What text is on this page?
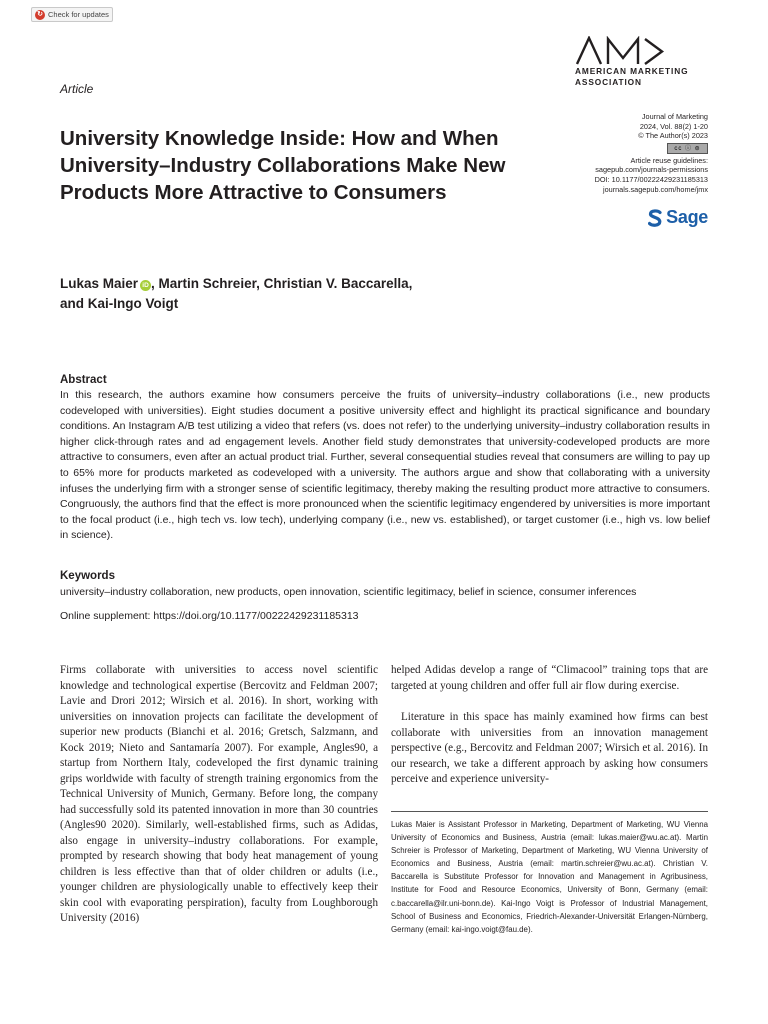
↻ Check for updates
AMERICAN MARKETING
ASSOCIATION
Article
Journal of Marketing
2024, Vol. 88(2) 1-20
© The Author(s) 2023
cc ⓘ ⊜
Article reuse guidelines:
sagepub.com/journals-permissions
DOI: 10.1177/00222429231185313
journals.sagepub.com/home/jmx
Sage
University Knowledge Inside: How and When University–Industry Collaborations Make New Products More Attractive to Consumers
Lukas Maier iD , Martin Schreier, Christian V. Baccarella,
and Kai-Ingo Voigt
Abstract

In this research, the authors examine how consumers perceive the fruits of university–industry collaborations (i.e., new products codeveloped with universities). Eight studies document a positive university effect and highlight its practical significance and boundary conditions. An Instagram A/B test utilizing a video that refers (vs. does not refer) to the underlying university–industry collaboration results in higher click-through rates and ad engagement levels. Another field study demonstrates that university-codeveloped products are more attractive to consumers, even after an actual product trial. Further, several consequential studies reveal that consumers are willing to pay up to 65% more for products marketed as codeveloped with a university. The authors argue and show that collaborating with a university infuses the underlying firm with a stronger sense of scientific legitimacy, thereby making the resulting product more attractive to consumers. Congruously, the authors find that the effect is more pronounced when the scientific legitimacy engendered by universities is more important to the focal product (i.e., high tech vs. low tech), underlying company (i.e., new vs. established), or target customer (i.e., high vs. low belief in science).

Keywords
university–industry collaboration, new products, open innovation, scientific legitimacy, belief in science, consumer inferences
Online supplement: https://doi.org/10.1177/00222429231185313

Firms collaborate with universities to access novel scientific knowledge and technological expertise (Bercovitz and Feldman 2007; Lavie and Drori 2012; Wirsich et al. 2016). In short, working with universities on innovation projects can facilitate the development of superior new products (Bianchi et al. 2016; Gretsch, Salzmann, and Kock 2019; Nieto and Santamaría 2007). For example, Angles90, a startup from Northern Italy, codeveloped the first dynamic training grips worldwide with faculty of strength training ergonomics from the Technical University of Munich, Germany. Before long, the company had successfully sold its patented innovation in more than 30 countries (Angles90 2020). Similarly, well-established firms, such as Adidas, also engage in university–industry collaborations. For example, prompted by research showing that body heat management of young children is less effective than that of older children or adults (i.e., younger children are physiologically unable to effectively keep their skin cool with evaporating perspiration), faculty from Loughborough University (2016)

helped Adidas develop a range of “Climacool” training tops that are targeted at young children and offer full air flow during exercise.

Literature in this space has mainly examined how firms can best collaborate with universities from an innovation management perspective (e.g., Bercovitz and Feldman 2007; Wirsich et al. 2016). In our research, we take a different approach by asking how consumers perceive and experience university-

Lukas Maier is Assistant Professor in Marketing, Department of Marketing, WU Vienna University of Economics and Business, Austria (email: lukas.maier@wu.ac.at). Martin Schreier is Professor of Marketing, Department of Marketing, WU Vienna University of Economics and Business, Austria (email: martin.schreier@wu.ac.at). Christian V. Baccarella is Substitute Professor for Innovation and Management in Agribusiness, Institute for Food and Resource Economics, University of Bonn, Germany (email: c.baccarella@ilr.uni-bonn.de). Kai-Ingo Voigt is Professor of Industrial Management, School of Business and Economics, Friedrich-Alexander-Universität Erlangen-Nürnberg, Germany (email: kai-ingo.voigt@fau.de).
